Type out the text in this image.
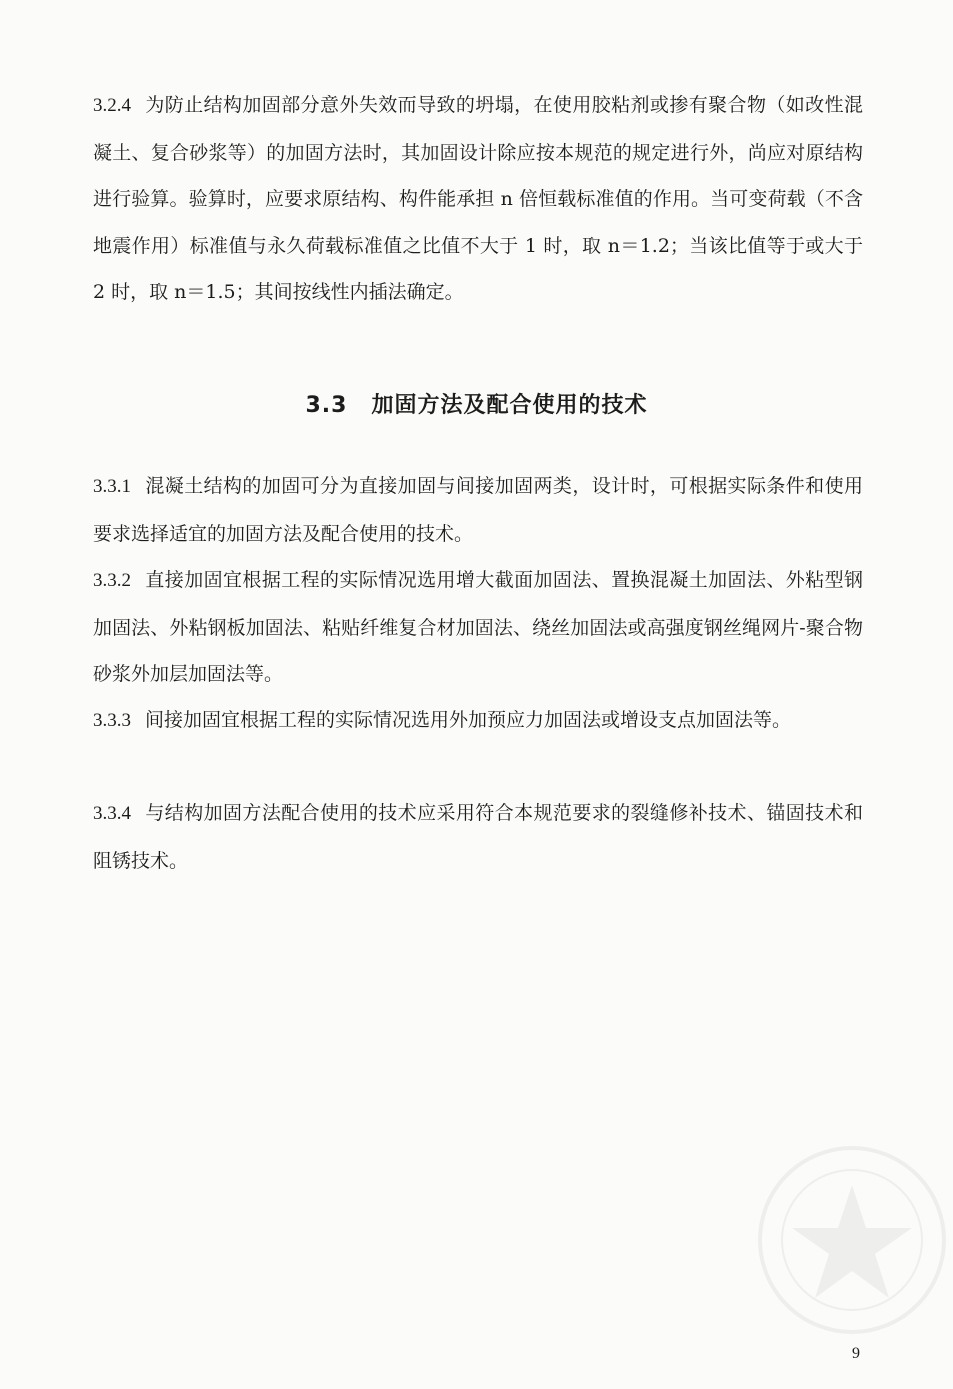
3.2.4 为防止结构加固部分意外失效而导致的坍塌，在使用胶粘剂或掺有聚合物（如改性混凝土、复合砂浆等）的加固方法时，其加固设计除应按本规范的规定进行外，尚应对原结构进行验算。验算时，应要求原结构、构件能承担 n 倍恒载标准值的作用。当可变荷载（不含地震作用）标准值与永久荷载标准值之比值不大于 1 时，取 n＝1.2；当该比值等于或大于 2 时，取 n＝1.5；其间按线性内插法确定。

3.3 加固方法及配合使用的技术

3.3.1 混凝土结构的加固可分为直接加固与间接加固两类，设计时，可根据实际条件和使用要求选择适宜的加固方法及配合使用的技术。

3.3.2 直接加固宜根据工程的实际情况选用增大截面加固法、置换混凝土加固法、外粘型钢加固法、外粘钢板加固法、粘贴纤维复合材加固法、绕丝加固法或高强度钢丝绳网片-聚合物砂浆外加层加固法等。

3.3.3 间接加固宜根据工程的实际情况选用外加预应力加固法或增设支点加固法等。

3.3.4 与结构加固方法配合使用的技术应采用符合本规范要求的裂缝修补技术、锚固技术和阻锈技术。

9
